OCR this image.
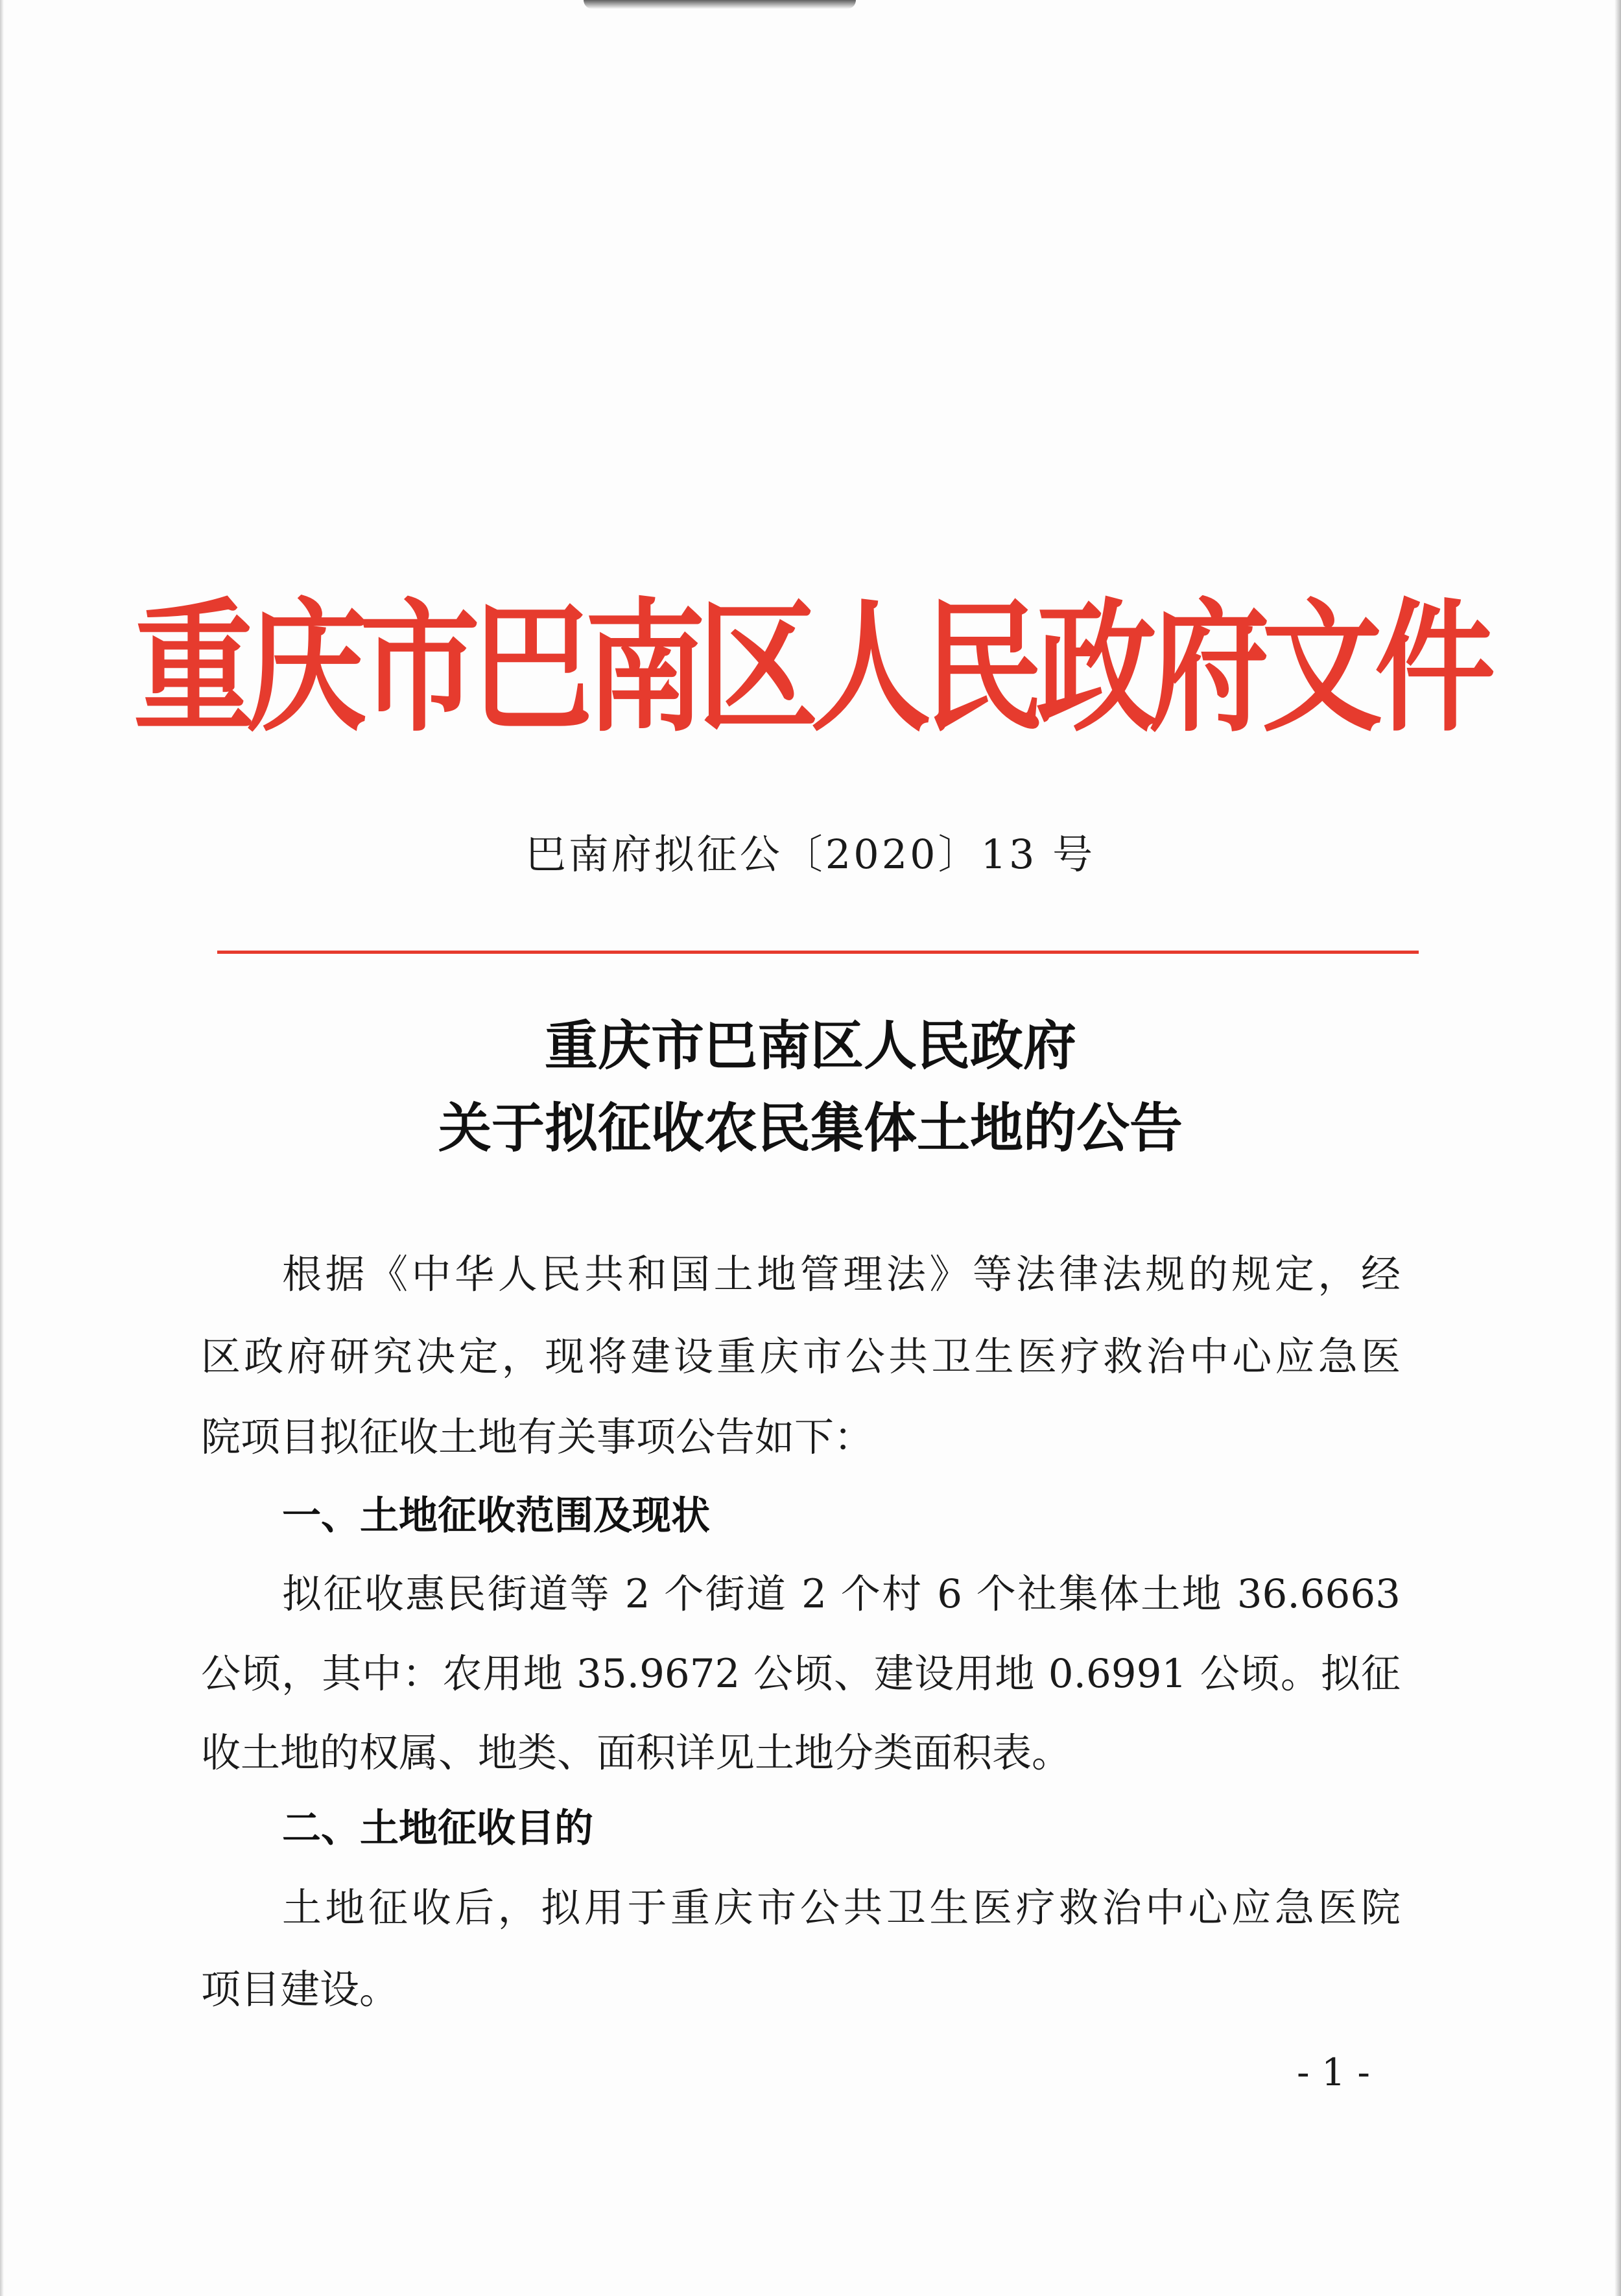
重庆市巴南区人民政府文件
巴南府拟征公〔2020〕13 号
重庆市巴南区人民政府
关于拟征收农民集体土地的公告
根据《中华人民共和国土地管理法》等法律法规的规定，经
区政府研究决定，现将建设重庆市公共卫生医疗救治中心应急医
院项目拟征收土地有关事项公告如下：
一、土地征收范围及现状
拟征收惠民街道等 2 个街道 2 个村 6 个社集体土地 36.6663
公顷，其中：农用地 35.9672 公顷、建设用地 0.6991 公顷。拟征
收土地的权属、地类、面积详见土地分类面积表。
二、土地征收目的
土地征收后，拟用于重庆市公共卫生医疗救治中心应急医院
项目建设。
- 1 -
